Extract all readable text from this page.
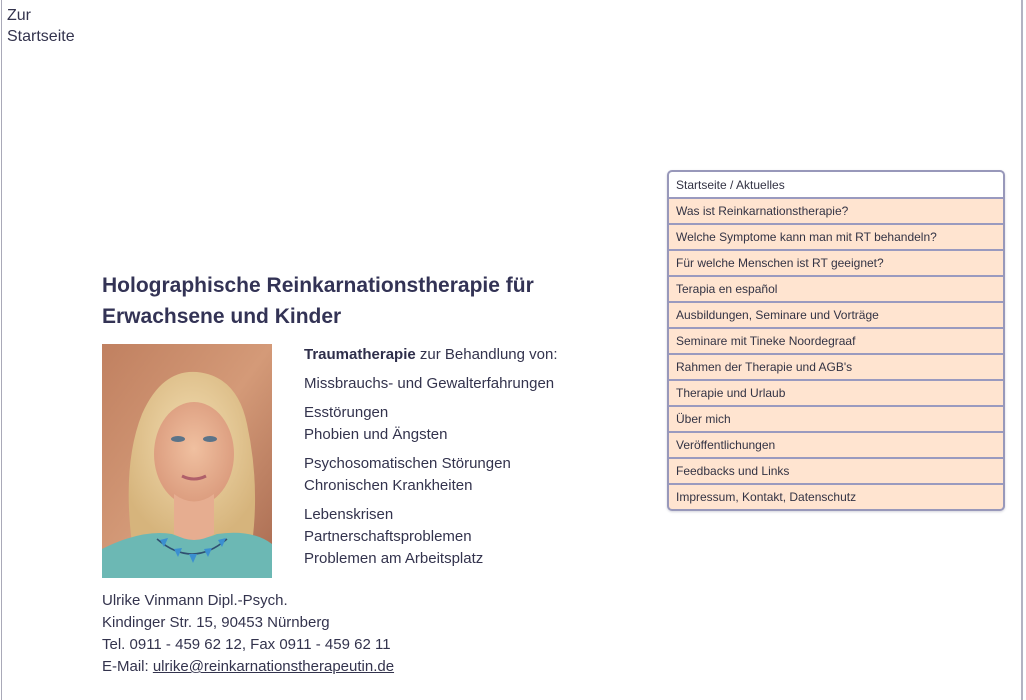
Zur Startseite
Startseite / Aktuelles
Was ist Reinkarnationstherapie?
Welche Symptome kann man mit RT behandeln?
Für welche Menschen ist RT geeignet?
Terapia en español
Ausbildungen, Seminare und Vorträge
Seminare mit Tineke Noordegraaf
Rahmen der Therapie und AGB's
Therapie und Urlaub
Über mich
Veröffentlichungen
Feedbacks und Links
Impressum, Kontakt, Datenschutz
Holographische Reinkarnationstherapie für Erwachsene und Kinder

Traumatherapie zur Behandlung von:

Missbrauchs- und Gewalterfahrungen

Esstörungen
Phobien und Ängsten

Psychosomatischen Störungen
Chronischen Krankheiten

Lebenskrisen
Partnerschaftsproblemen
Problemen am Arbeitsplatz

Ulrike Vinmann Dipl.-Psych.
Kindinger Str. 15, 90453 Nürnberg
Tel. 0911 - 459 62 12, Fax 0911 - 459 62 11
E-Mail: ulrike@reinkarnationstherapeutin.de
